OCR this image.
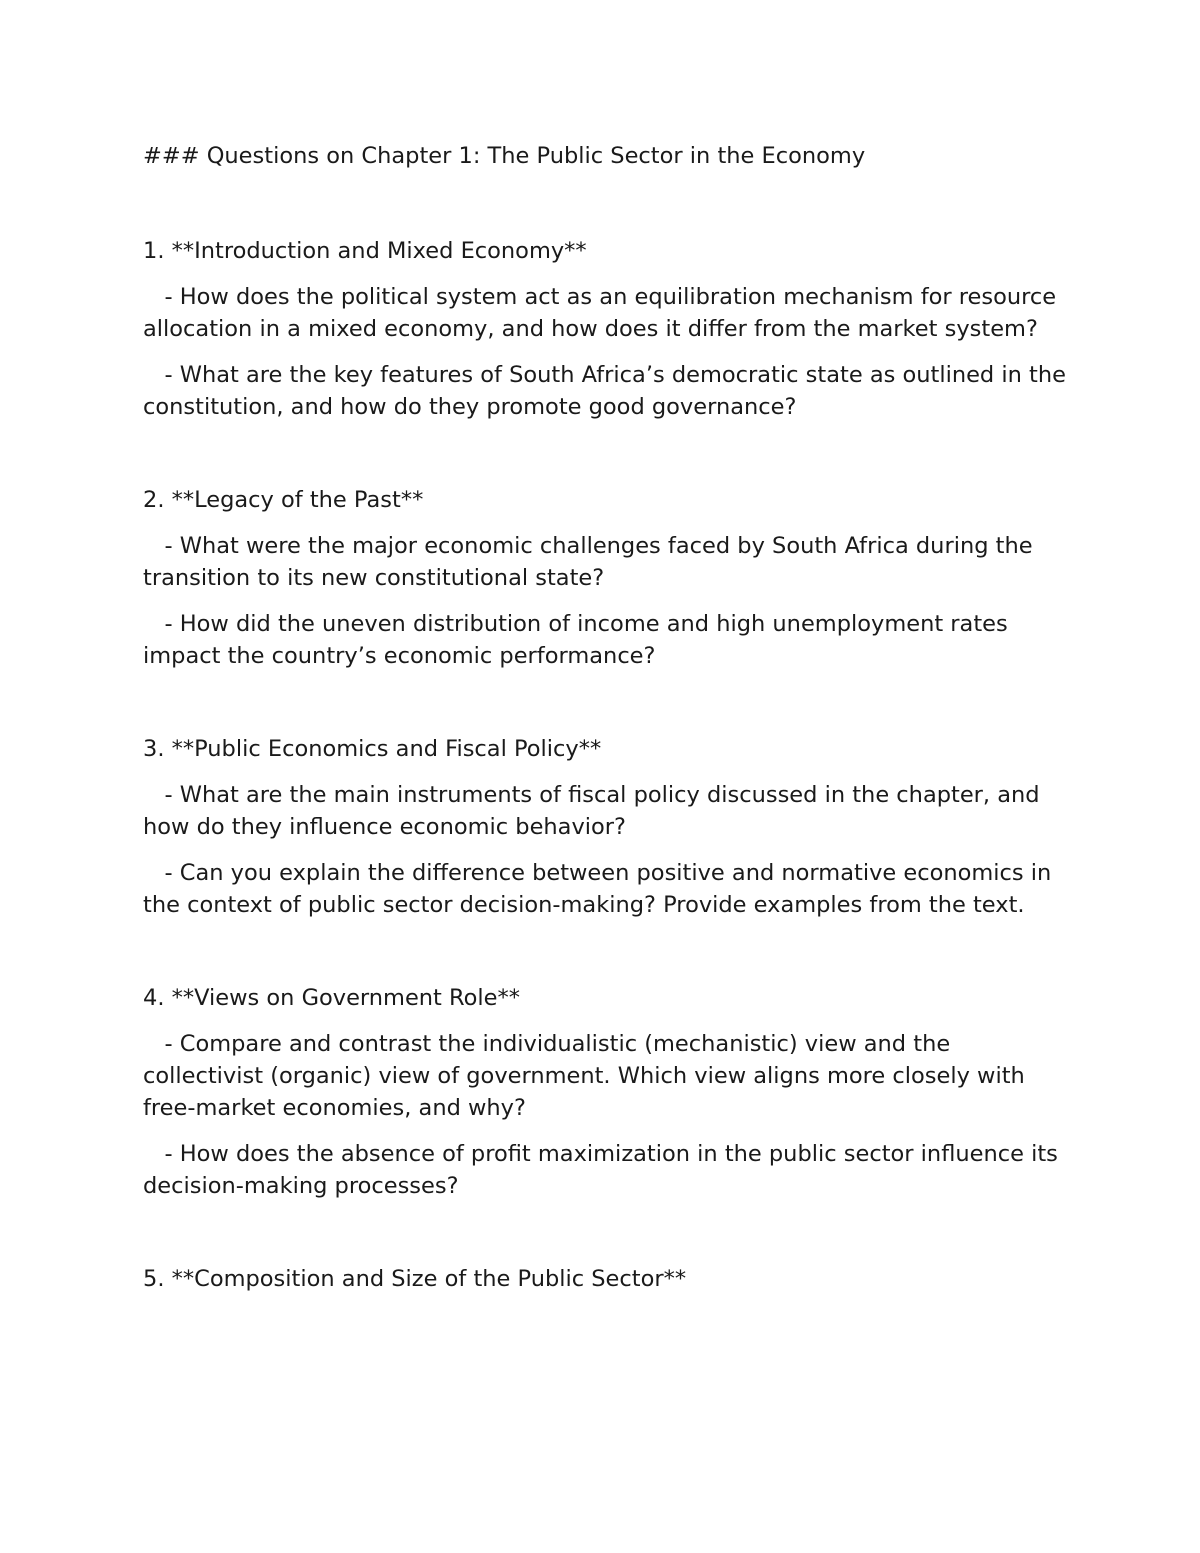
### Questions on Chapter 1: The Public Sector in the Economy
1. **Introduction and Mixed Economy**
- How does the political system act as an equilibration mechanism for resource allocation in a mixed economy, and how does it differ from the market system?
- What are the key features of South Africa’s democratic state as outlined in the constitution, and how do they promote good governance?
2. **Legacy of the Past**
- What were the major economic challenges faced by South Africa during the transition to its new constitutional state?
- How did the uneven distribution of income and high unemployment rates impact the country’s economic performance?
3. **Public Economics and Fiscal Policy**
- What are the main instruments of fiscal policy discussed in the chapter, and how do they influence economic behavior?
- Can you explain the difference between positive and normative economics in the context of public sector decision-making? Provide examples from the text.
4. **Views on Government Role**
- Compare and contrast the individualistic (mechanistic) view and the collectivist (organic) view of government. Which view aligns more closely with free-market economies, and why?
- How does the absence of profit maximization in the public sector influence its decision-making processes?
5. **Composition and Size of the Public Sector**
